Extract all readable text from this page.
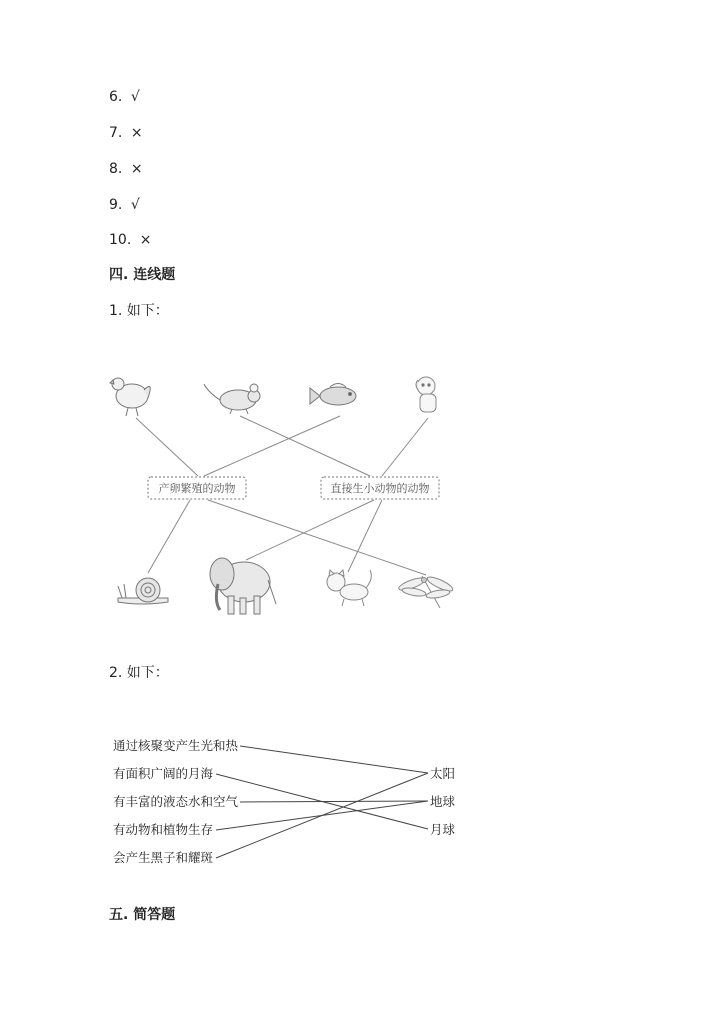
6. √
7. ×
8. ×
9. √
10. ×
四. 连线题
1. 如下：
产卵繁殖的动物	直接生小动物的动物
2. 如下：
通过核聚变产生光和热
有面积广阔的月海
有丰富的液态水和空气
有动物和植物生存
会产生黑子和耀斑
太阳
地球
月球
五. 简答题
